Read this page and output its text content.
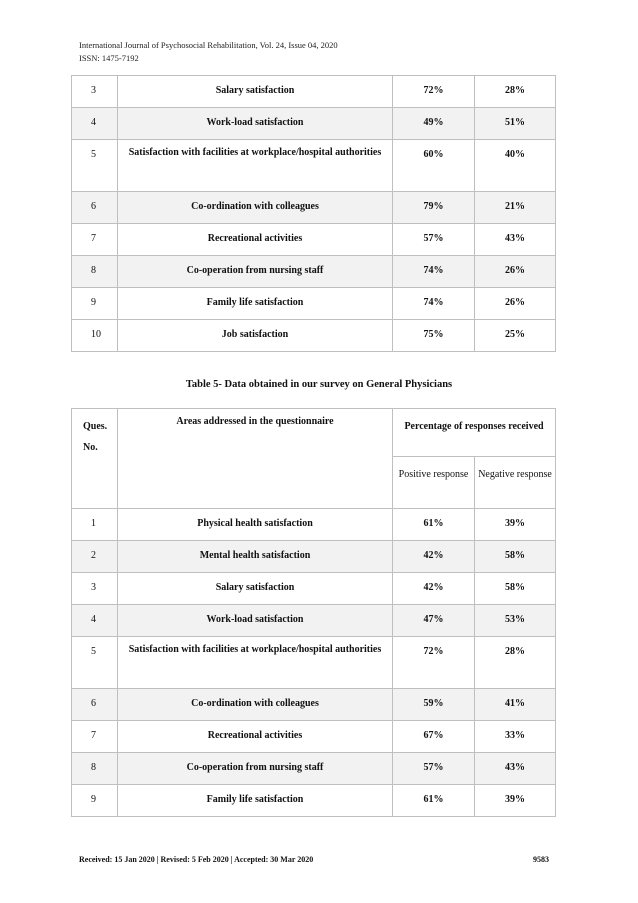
International Journal of Psychosocial Rehabilitation, Vol. 24, Issue 04, 2020
ISSN: 1475-7192
3	Salary satisfaction	72%	28%
4	Work-load satisfaction	49%	51%
5	Satisfaction with facilities at workplace/hospital authorities	60%	40%
6	Co-ordination with colleagues	79%	21%
7	Recreational activities	57%	43%
8	Co-operation from nursing staff	74%	26%
9	Family life satisfaction	74%	26%
10	Job satisfaction	75%	25%
Table 5- Data obtained in our survey on General Physicians
Ques. No.	Areas addressed in the questionnaire	Percentage of responses received	
		Positive response	Negative response
1	Physical health satisfaction	61%	39%
2	Mental health satisfaction	42%	58%
3	Salary satisfaction	42%	58%
4	Work-load satisfaction	47%	53%
5	Satisfaction with facilities at workplace/hospital authorities	72%	28%
6	Co-ordination with colleagues	59%	41%
7	Recreational activities	67%	33%
8	Co-operation from nursing staff	57%	43%
9	Family life satisfaction	61%	39%
Received: 15 Jan 2020 | Revised: 5 Feb 2020 | Accepted: 30 Mar 2020	9583
